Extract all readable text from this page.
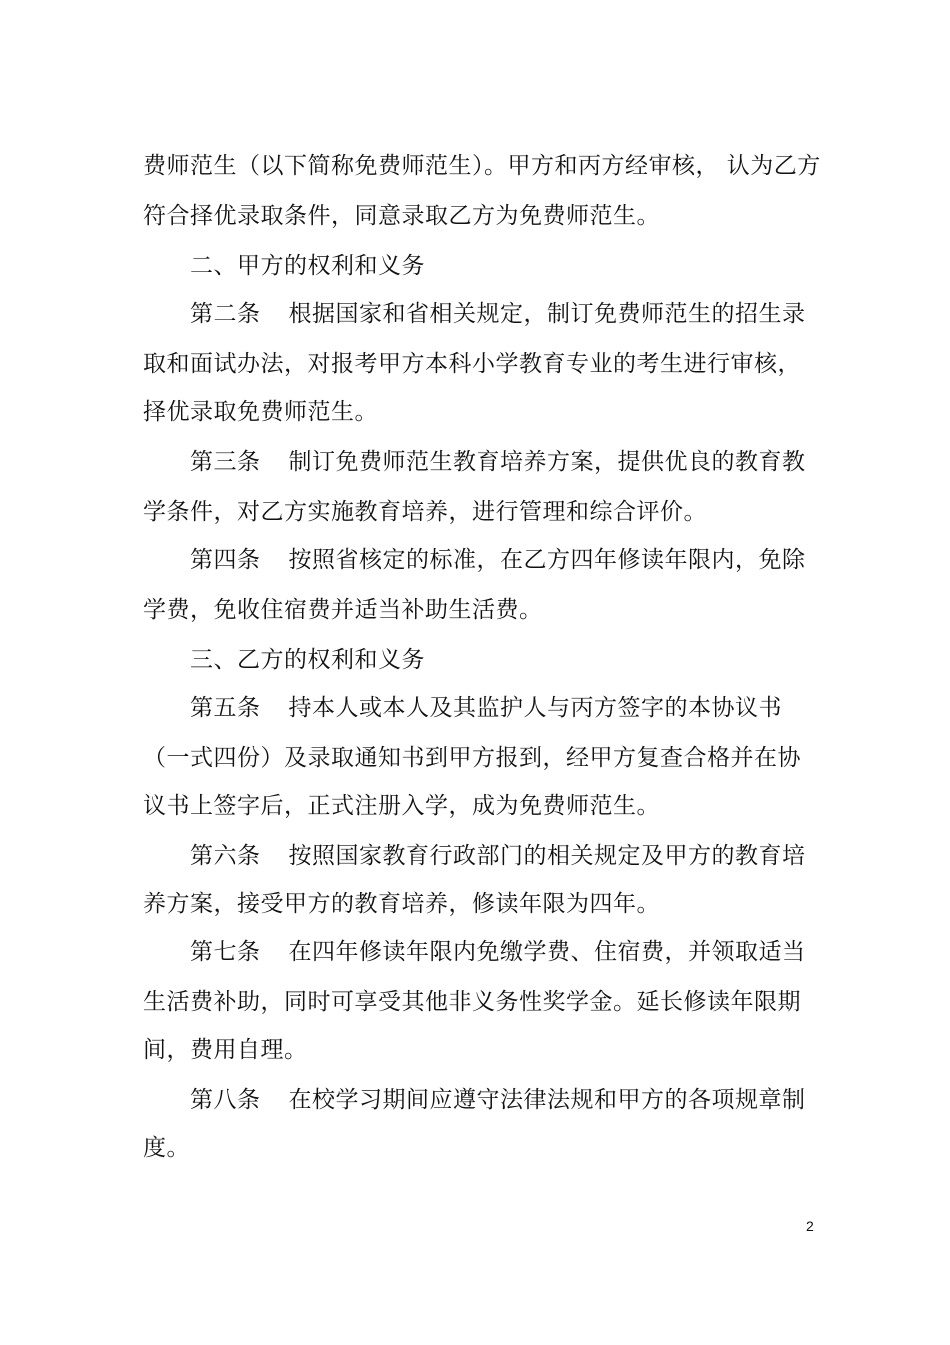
费师范生（以下简称免费师范生）。甲方和丙方经审核， 认为乙方
符合择优录取条件，同意录取乙方为免费师范生。
二、甲方的权利和义务
第二条 根据国家和省相关规定，制订免费师范生的招生录
取和面试办法，对报考甲方本科小学教育专业的考生进行审核，
择优录取免费师范生。
第三条 制订免费师范生教育培养方案，提供优良的教育教
学条件，对乙方实施教育培养，进行管理和综合评价。
第四条 按照省核定的标准，在乙方四年修读年限内，免除
学费，免收住宿费并适当补助生活费。
三、乙方的权利和义务
第五条 持本人或本人及其监护人与丙方签字的本协议书
（一式四份）及录取通知书到甲方报到，经甲方复查合格并在协
议书上签字后，正式注册入学，成为免费师范生。
第六条 按照国家教育行政部门的相关规定及甲方的教育培
养方案，接受甲方的教育培养，修读年限为四年。
第七条 在四年修读年限内免缴学费、住宿费，并领取适当
生活费补助，同时可享受其他非义务性奖学金。延长修读年限期
间，费用自理。
第八条 在校学习期间应遵守法律法规和甲方的各项规章制
度。
2
